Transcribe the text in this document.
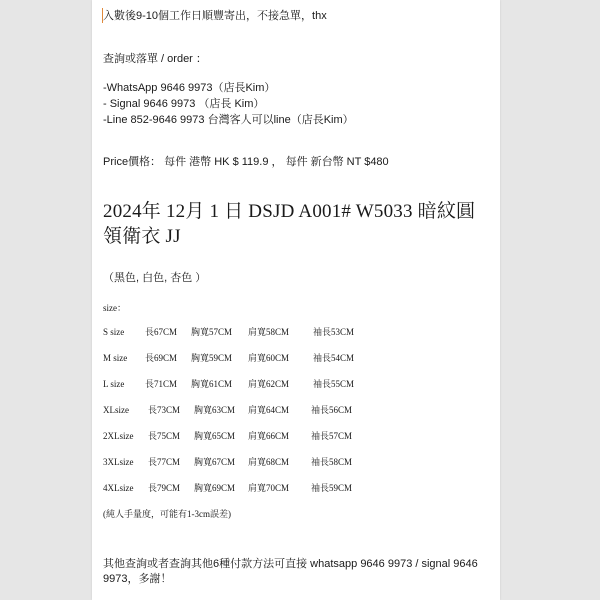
入數後9-10個工作日順豐寄出，不接急單，thx
查詢或落單 / order ：
-WhatsApp 9646 9973（店長Kim）
- Signal 9646 9973 （店長 Kim）
-Line 852-9646 9973 台灣客人可以line（店長Kim）
Price價格： 每件 港幣 HK $ 119.9 ， 每件 新台幣 NT $480
2024年 12月 1 日 DSJD A001# W5033 暗紋圓領衛衣 JJ
（黑色, 白色, 杏色 ）
size：
S size 長67CM 胸寬57CM 肩寬58CM	袖長53CM
M size 長69CM 胸寬59CM 肩寬60CM	袖長54CM
L size 長71CM 胸寬61CM 肩寬62CM	袖長55CM
XLsize 長73CM 胸寬63CM 肩寬64CM 袖長56CM
2XLsize 長75CM 胸寬65CM 肩寬66CM 袖長57CM
3XLsize 長77CM 胸寬67CM 肩寬68CM 袖長58CM
4XLsize 長79CM 胸寬69CM 肩寬70CM 袖長59CM
(純人手量度，可能有1-3cm誤差)
其他查詢或者查詢其他6種付款方法可直接 whatsapp 9646 9973 / signal 9646 9973，多謝！
